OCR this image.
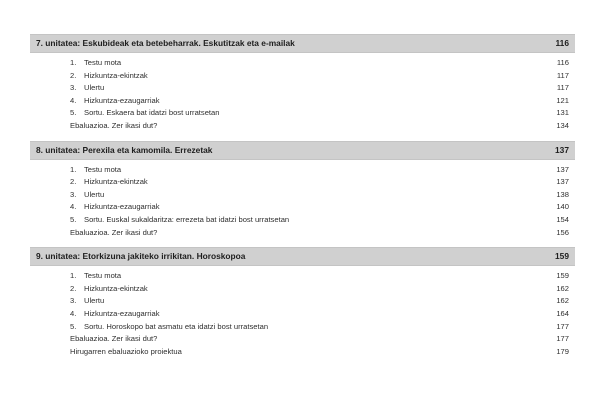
7. unitatea: Eskubideak eta betebeharrak. Eskutitzak eta e-mailak	116
1. Testu mota	116
2. Hizkuntza-ekintzak	117
3. Ulertu	117
4. Hizkuntza-ezaugarriak	121
5. Sortu. Eskaera bat idatzi bost urratsetan	131
Ebaluazioa. Zer ikasi dut?	134
8. unitatea: Perexila eta kamomila. Errezetak	137
1. Testu mota	137
2. Hizkuntza-ekintzak	137
3. Ulertu	138
4. Hizkuntza-ezaugarriak	140
5. Sortu. Euskal sukaldaritza: errezeta bat idatzi bost urratsetan	154
Ebaluazioa. Zer ikasi dut?	156
9. unitatea: Etorkizuna jakiteko irrikitan. Horoskopoa	159
1. Testu mota	159
2. Hizkuntza-ekintzak	162
3. Ulertu	162
4. Hizkuntza-ezaugarriak	164
5. Sortu. Horoskopo bat asmatu eta idatzi bost urratsetan	177
Ebaluazioa. Zer ikasi dut?	177
Hirugarren ebaluazioko proiektua	179
